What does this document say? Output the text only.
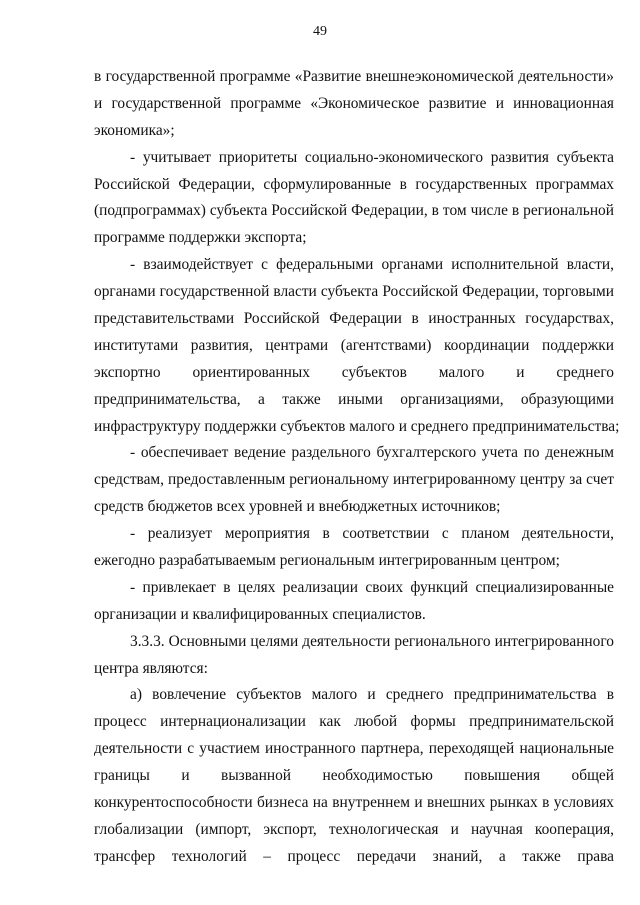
49
в государственной программе «Развитие внешнеэкономической деятельности»
и государственной программе «Экономическое развитие и инновационная
экономика»;
- учитывает приоритеты социально-экономического развития субъекта
Российской Федерации, сформулированные в государственных программах
(подпрограммах) субъекта Российской Федерации, в том числе в региональной
программе поддержки экспорта;
- взаимодействует с федеральными органами исполнительной власти,
органами государственной власти субъекта Российской Федерации, торговыми
представительствами Российской Федерации в иностранных государствах,
институтами развития, центрами (агентствами) координации поддержки
экспортно ориентированных субъектов малого и среднего
предпринимательства, а также иными организациями, образующими
инфраструктуру поддержки субъектов малого и среднего предпринимательства;
- обеспечивает ведение раздельного бухгалтерского учета по денежным
средствам, предоставленным региональному интегрированному центру за счет
средств бюджетов всех уровней и внебюджетных источников;
- реализует мероприятия в соответствии с планом деятельности,
ежегодно разрабатываемым региональным интегрированным центром;
- привлекает в целях реализации своих функций специализированные
организации и квалифицированных специалистов.
3.3.3. Основными целями деятельности регионального интегрированного
центра являются:
а) вовлечение субъектов малого и среднего предпринимательства в
процесс интернационализации как любой формы предпринимательской
деятельности с участием иностранного партнера, переходящей национальные
границы и вызванной необходимостью повышения общей
конкурентоспособности бизнеса на внутреннем и внешних рынках в условиях
глобализации (импорт, экспорт, технологическая и научная кооперация,
трансфер технологий – процесс передачи знаний, а также права
